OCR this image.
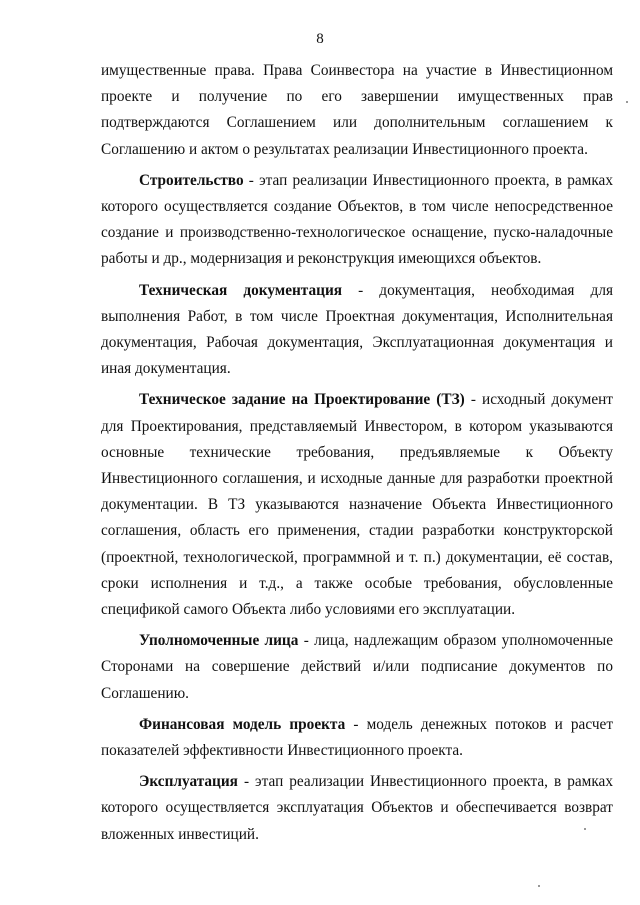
8

имущественные права. Права Соинвестора на участие в Инвестиционном проекте и получение по его завершении имущественных прав подтверждаются Соглашением или дополнительным соглашением к Соглашению и актом о результатах реализации Инвестиционного проекта.

Строительство - этап реализации Инвестиционного проекта, в рамках которого осуществляется создание Объектов, в том числе непосредственное создание и производственно-технологическое оснащение, пуско-наладочные работы и др., модернизация и реконструкция имеющихся объектов.

Техническая документация - документация, необходимая для выполнения Работ, в том числе Проектная документация, Исполнительная документация, Рабочая документация, Эксплуатационная документация и иная документация.

Техническое задание на Проектирование (ТЗ) - исходный документ для Проектирования, представляемый Инвестором, в котором указываются основные технические требования, предъявляемые к Объекту Инвестиционного соглашения, и исходные данные для разработки проектной документации. В ТЗ указываются назначение Объекта Инвестиционного соглашения, область его применения, стадии разработки конструкторской (проектной, технологической, программной и т. п.) документации, её состав, сроки исполнения и т.д., а также особые требования, обусловленные спецификой самого Объекта либо условиями его эксплуатации.

Уполномоченные лица - лица, надлежащим образом уполномоченные Сторонами на совершение действий и/или подписание документов по Соглашению.

Финансовая модель проекта - модель денежных потоков и расчет показателей эффективности Инвестиционного проекта.

Эксплуатация - этап реализации Инвестиционного проекта, в рамках которого осуществляется эксплуатация Объектов и обеспечивается возврат вложенных инвестиций.
